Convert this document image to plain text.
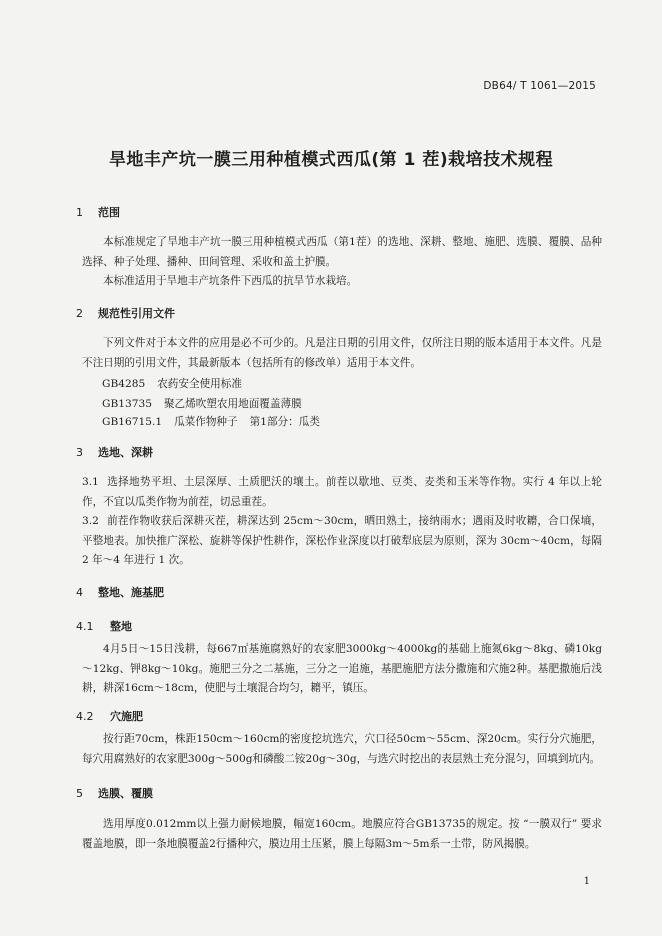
DB64/ T 1061—2015

旱地丰产坑一膜三用种植模式西瓜(第 1 茬)栽培技术规程
1 范围

本标准规定了旱地丰产坑一膜三用种植模式西瓜（第1茬）的选地、深耕、整地、施肥、选膜、覆膜、品种选择、种子处理、播种、田间管理、采收和盖土护膜。

本标准适用于旱地丰产坑条件下西瓜的抗旱节水栽培。

2 规范性引用文件

下列文件对于本文件的应用是必不可少的。凡是注日期的引用文件，仅所注日期的版本适用于本文件。凡是不注日期的引用文件，其最新版本（包括所有的修改单）适用于本文件。

GB4285 农药安全使用标准

GB13735 聚乙烯吹塑农用地面覆盖薄膜

GB16715.1 瓜菜作物种子 第1部分：瓜类

3 选地、深耕

3.1 选择地势平坦、土层深厚、土质肥沃的壤土。前茬以歇地、豆类、麦类和玉米等作物。实行 4 年以上轮作，不宜以瓜类作物为前茬，切忌重茬。

3.2 前茬作物收获后深耕灭茬，耕深达到 25cm～30cm，晒田熟土，接纳雨水；遇雨及时收耱，合口保墒，平整地表。加快推广深松、旋耕等保护性耕作，深松作业深度以打破犁底层为原则，深为 30cm～40cm，每隔 2 年～4 年进行 1 次。

4 整地、施基肥
4.1 整地

4月5日～15日浅耕，每667㎡基施腐熟好的农家肥3000kg～4000kg的基础上施氮6kg～8kg、磷10kg～12kg、钾8kg～10kg。施肥三分之二基施，三分之一追施，基肥施肥方法分撒施和穴施2种。基肥撒施后浅耕，耕深16cm～18cm，使肥与土壤混合均匀，耱平，镇压。

4.2 穴施肥

按行距70cm，株距150cm～160cm的密度挖坑选穴，穴口径50cm～55cm、深20cm。实行分穴施肥，每穴用腐熟好的农家肥300g～500g和磷酸二铵20g～30g，与选穴时挖出的表层熟土充分混匀，回填到坑内。

5 选膜、覆膜

选用厚度0.012mm以上强力耐候地膜，幅宽160cm。地膜应符合GB13735的规定。按 “一膜双行” 要求覆盖地膜，即一条地膜覆盖2行播种穴，膜边用土压紧，膜上每隔3m～5m系一土带，防风揭膜。

1
